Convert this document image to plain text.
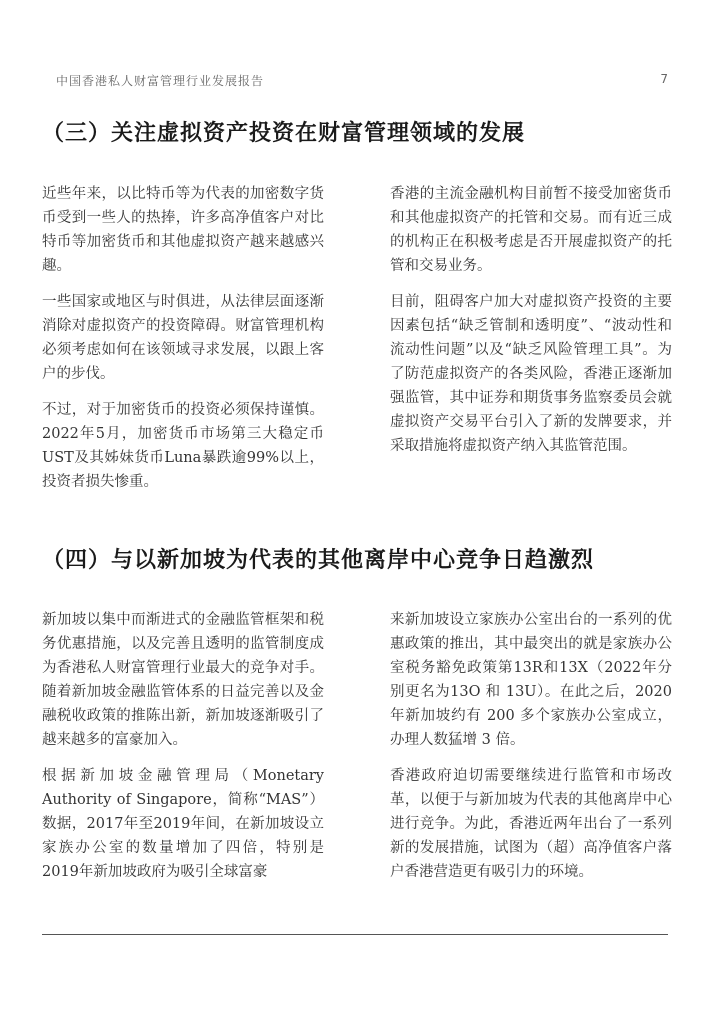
中国香港私人财富管理行业发展报告	7
（三）关注虚拟资产投资在财富管理领域的发展

近些年来，以比特币等为代表的加密数字货币受到一些人的热捧，许多高净值客户对比特币等加密货币和其他虚拟资产越来越感兴趣。

一些国家或地区与时俱进，从法律层面逐渐消除对虚拟资产的投资障碍。财富管理机构必须考虑如何在该领域寻求发展，以跟上客户的步伐。

不过，对于加密货币的投资必须保持谨慎。2022年5月，加密货币市场第三大稳定币UST及其姊妹货币Luna暴跌逾99%以上，投资者损失惨重。

香港的主流金融机构目前暂不接受加密货币和其他虚拟资产的托管和交易。而有近三成的机构正在积极考虑是否开展虚拟资产的托管和交易业务。

目前，阻碍客户加大对虚拟资产投资的主要因素包括“缺乏管制和透明度”、“波动性和流动性问题”以及“缺乏风险管理工具”。为了防范虚拟资产的各类风险，香港正逐渐加强监管，其中证券和期货事务监察委员会就虚拟资产交易平台引入了新的发牌要求，并采取措施将虚拟资产纳入其监管范围。

（四）与以新加坡为代表的其他离岸中心竞争日趋激烈

新加坡以集中而渐进式的金融监管框架和税务优惠措施，以及完善且透明的监管制度成为香港私人财富管理行业最大的竞争对手。随着新加坡金融监管体系的日益完善以及金融税收政策的推陈出新，新加坡逐渐吸引了越来越多的富豪加入。

根据新加坡金融管理局（Monetary Authority of Singapore，简称“MAS”）数据，2017年至2019年间，在新加坡设立家族办公室的数量增加了四倍，特别是2019年新加坡政府为吸引全球富豪

来新加坡设立家族办公室出台的一系列的优惠政策的推出，其中最突出的就是家族办公室税务豁免政策第13R和13X（2022年分别更名为13O 和 13U）。在此之后，2020 年新加坡约有 200 多个家族办公室成立，办理人数猛增 3 倍。

香港政府迫切需要继续进行监管和市场改革，以便于与新加坡为代表的其他离岸中心进行竞争。为此，香港近两年出台了一系列新的发展措施，试图为（超）高净值客户落户香港营造更有吸引力的环境。
